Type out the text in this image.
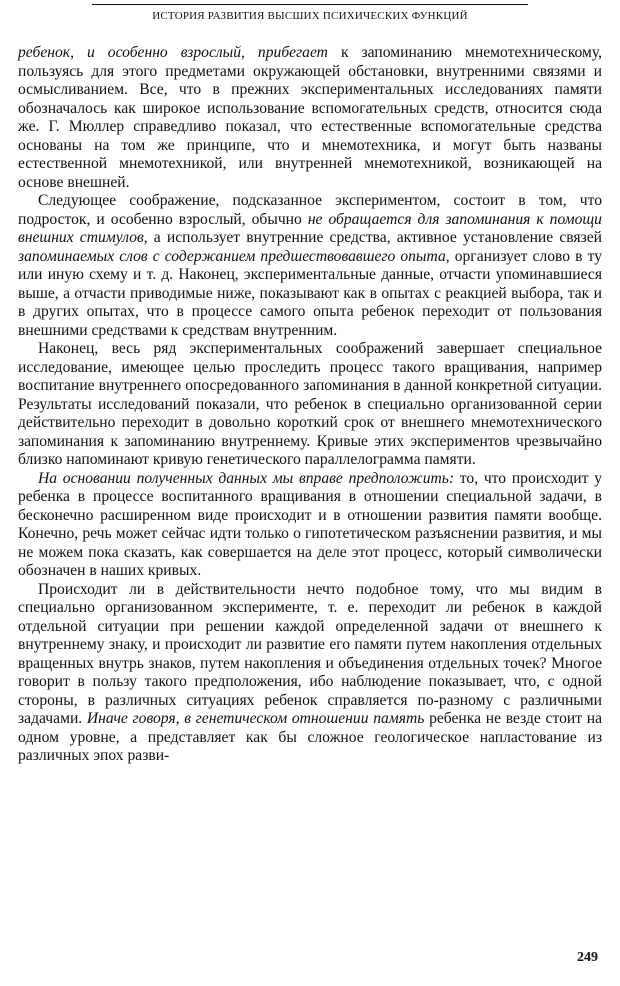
ИСТОРИЯ РАЗВИТИЯ ВЫСШИХ ПСИХИЧЕСКИХ ФУНКЦИЙ

ребенок, и особенно взрослый, прибегает к запоминанию мнемотехническому, пользуясь для этого предметами окружающей обстановки, внутренними связями и осмысливанием. Все, что в прежних экспериментальных исследованиях памяти обозначалось как широкое использование вспомогательных средств, относится сюда же. Г. Мюллер справедливо показал, что естественные вспомогательные средства основаны на том же принципе, что и мнемотехника, и могут быть названы естественной мнемотехникой, или внутренней мнемотехникой, возникающей на основе внешней.

Следующее соображение, подсказанное экспериментом, состоит в том, что подросток, и особенно взрослый, обычно не обращается для запоминания к помощи внешних стимулов, а использует внутренние средства, активное установление связей запоминаемых слов с содержанием предшествовавшего опыта, организует слово в ту или иную схему и т. д. Наконец, экспериментальные данные, отчасти упоминавшиеся выше, а отчасти приводимые ниже, показывают как в опытах с реакцией выбора, так и в других опытах, что в процессе самого опыта ребенок переходит от пользования внешними средствами к средствам внутренним.

Наконец, весь ряд экспериментальных соображений завершает специальное исследование, имеющее целью проследить процесс такого вращивания, например воспитание внутреннего опосредованного запоминания в данной конкретной ситуации. Результаты исследований показали, что ребенок в специально организованной серии действительно переходит в довольно короткий срок от внешнего мнемотехнического запоминания к запоминанию внутреннему. Кривые этих экспериментов чрезвычайно близко напоминают кривую генетического параллелограмма памяти.

На основании полученных данных мы вправе предположить: то, что происходит у ребенка в процессе воспитанного вращивания в отношении специальной задачи, в бесконечно расширенном виде происходит и в отношении развития памяти вообще. Конечно, речь может сейчас идти только о гипотетическом разъяснении развития, и мы не можем пока сказать, как совершается на деле этот процесс, который символически обозначен в наших кривых.

Происходит ли в действительности нечто подобное тому, что мы видим в специально организованном эксперименте, т. е. переходит ли ребенок в каждой отдельной ситуации при решении каждой определенной задачи от внешнего к внутреннему знаку, и происходит ли развитие его памяти путем накопления отдельных вращенных внутрь знаков, путем накопления и объединения отдельных точек? Многое говорит в пользу такого предположения, ибо наблюдение показывает, что, с одной стороны, в различных ситуациях ребенок справляется по-разному с различными задачами. Иначе говоря, в генетическом отношении память ребенка не везде стоит на одном уровне, а представляет как бы сложное геологическое напластование из различных эпох разви-

249
